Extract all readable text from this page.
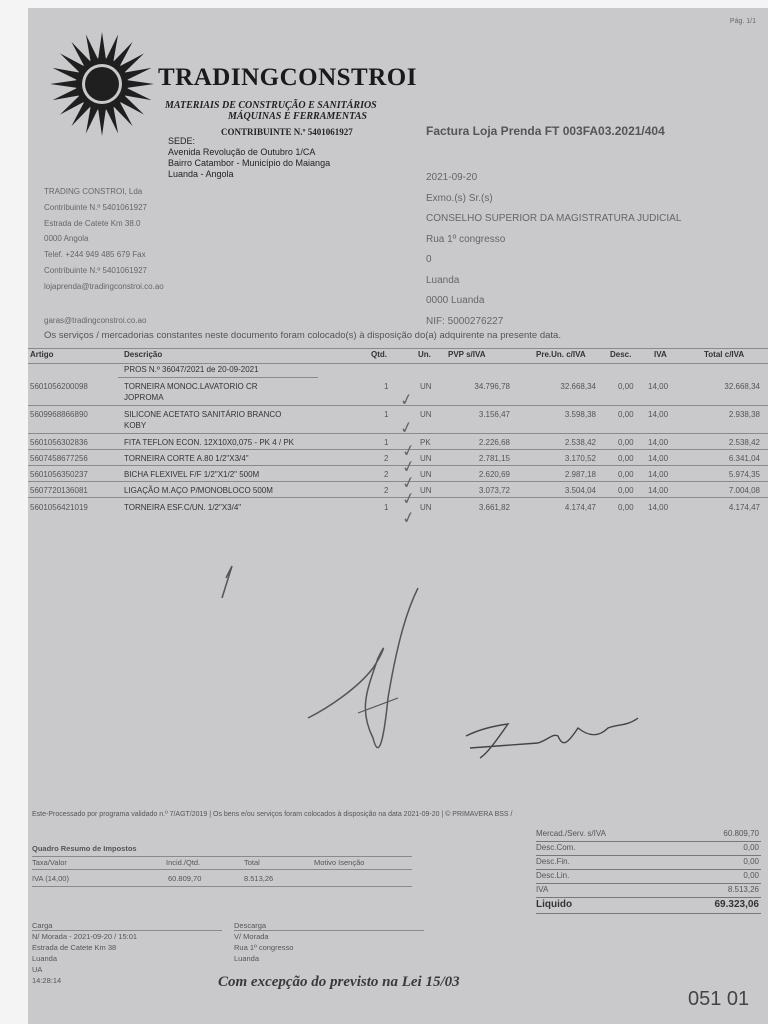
Pág. 1/1
TRADINGCONSTROI
MATERIAIS DE CONSTRUÇÃO E SANITÁRIOS
MÁQUINAS E FERRAMENTAS
CONTRIBUINTE N.º 5401061927
SEDE:
Avenida Revolução de Outubro 1/CA
Bairro Catambor - Município do Maianga
Luanda - Angola
Factura Loja Prenda FT 003FA03.2021/404
2021-09-20
Exmo.(s) Sr.(s)
CONSELHO SUPERIOR DA MAGISTRATURA JUDICIAL
Rua 1º congresso
0
Luanda
0000 Luanda
NIF: 5000276227
TRADING CONSTROI, Lda
Contribuinte N.º 5401061927
Estrada de Catete Km 38.0
0000 Angola
Telef. +244 949 485 679 Fax
Contribuinte N.º 5401061927
lojaprenda@tradingconstroi.co.ao
garas@tradingconstroi.co.ao
Os serviços / mercadorias constantes neste documento foram colocado(s) à disposição do(a) adquirente na presente data.
Artigo	Descrição	Qtd.	Un. PVP s/IVA	Pre.Un. c/IVA	Desc.	IVA	Total c/IVA
PROS N.º 36047/2021 de 20-09-2021
5601056200098	TORNEIRA MONOC.LAVATORIO CR
JOPROMA
1	UN	34.796,78	32.668,34	0,00 14,00	32.668,34
5609968866890	SILICONE ACETATO SANITÁRIO BRANCO
KOBY
1	UN	3.156,47	3.598,38	0,00 14,00	2.938,38
5601056302836	FITA TEFLON ECON. 12X10X0,075 - PK 4 / PK	1	PK	2.226,68	2.538,42	0,00 14,00	2.538,42
5607458677256	TORNEIRA CORTE A.80 1/2"X3/4"	2	UN	2.781,15	3.170,52	0,00 14,00	6.341,04
5601056350237	BICHA FLEXIVEL F/F 1/2"X1/2" 500M	2	UN	2.620,69	2.987,18	0,00 14,00	5.974,35
5607720136081	LIGAÇÃO M.AÇO P/MONOBLOCO 500M	2	UN	3.073,72	3.504,04	0,00 14,00	7.004,08
5601056421019	TORNEIRA ESF.C/UN. 1/2"X3/4"	1	UN	3.661,82	4.174,47	0,00 14,00	4.174,47
✓
✓
✓
✓
✓
✓
✓
Este-Processado por programa validado n.º 7/AGT/2019 | Os bens e/ou serviços foram colocados à disposição na data 2021-09-20 | © PRIMAVERA BSS /
Mercad./Serv. s/IVA	60.809,70
Desc.Com.	0,00
Desc.Fin.	0,00
Desc.Lin.	0,00
IVA	8.513,26
Liquido	69.323,06
Quadro Resumo de Impostos
Taxa/Valor	Incid./Qtd.	Total	Motivo Isenção
IVA (14,00)	60.809,70	8.513,26
Carga
N/ Morada - 2021-09-20 / 15:01
Estrada de Catete Km 38
Luanda
UA
14:28:14
Descarga
V/ Morada
Rua 1º congresso
Luanda
Com excepção do previsto na Lei 15/03
051 01
